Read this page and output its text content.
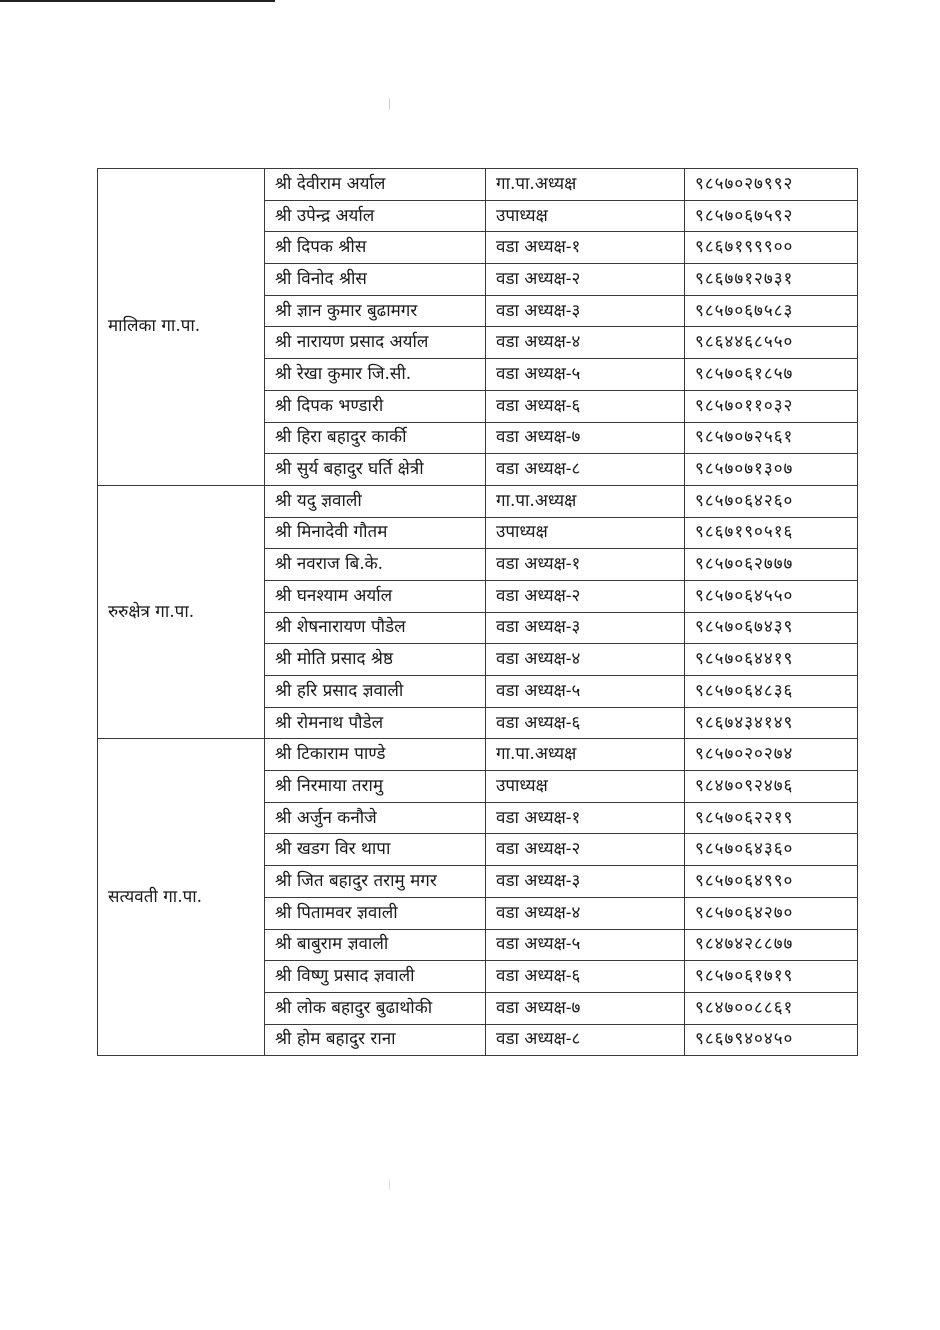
मालिका गा.पा.	श्री देवीराम अर्याल	गा.पा.अध्यक्ष	९८५७०२७९९२
	श्री उपेन्द्र अर्याल	उपाध्यक्ष	९८५७०६७५९२
	श्री दिपक श्रीस	वडा अध्यक्ष-१	९८६७१९९९००
	श्री विनोद श्रीस	वडा अध्यक्ष-२	९८६७७१२७३१
	श्री ज्ञान कुमार बुढामगर	वडा अध्यक्ष-३	९८५७०६७५८३
	श्री नारायण प्रसाद अर्याल	वडा अध्यक्ष-४	९८६४४६८५५०
	श्री रेखा कुमार जि.सी.	वडा अध्यक्ष-५	९८५७०६१८५७
	श्री दिपक भण्डारी	वडा अध्यक्ष-६	९८५७०११०३२
	श्री हिरा बहादुर कार्की	वडा अध्यक्ष-७	९८५७०७२५६१
	श्री सुर्य बहादुर घर्ति क्षेत्री	वडा अध्यक्ष-८	९८५७०७१३०७
रुरुक्षेत्र गा.पा.	श्री यदु ज्ञवाली	गा.पा.अध्यक्ष	९८५७०६४२६०
	श्री मिनादेवी गौतम	उपाध्यक्ष	९८६७१९०५१६
	श्री नवराज बि.के.	वडा अध्यक्ष-१	९८५७०६२७७७
	श्री घनश्याम अर्याल	वडा अध्यक्ष-२	९८५७०६४५५०
	श्री शेषनारायण पौडेल	वडा अध्यक्ष-३	९८५७०६७४३९
	श्री मोति प्रसाद श्रेष्ठ	वडा अध्यक्ष-४	९८५७०६४४१९
	श्री हरि प्रसाद ज्ञवाली	वडा अध्यक्ष-५	९८५७०६४८३६
	श्री रोमनाथ पौडेल	वडा अध्यक्ष-६	९८६७४३४१४९
सत्यवती गा.पा.	श्री टिकाराम पाण्डे	गा.पा.अध्यक्ष	९८५७०२०२७४
	श्री निरमाया तरामु	उपाध्यक्ष	९८४७०९२४७६
	श्री अर्जुन कनौजे	वडा अध्यक्ष-१	९८५७०६२२१९
	श्री खडग विर थापा	वडा अध्यक्ष-२	९८५७०६४३६०
	श्री जित बहादुर तरामु मगर	वडा अध्यक्ष-३	९८५७०६४९९०
	श्री पितामवर ज्ञवाली	वडा अध्यक्ष-४	९८५७०६४२७०
	श्री बाबुराम ज्ञवाली	वडा अध्यक्ष-५	९८४७४२८८७७
	श्री विष्णु प्रसाद ज्ञवाली	वडा अध्यक्ष-६	९८५७०६१७१९
	श्री लोक बहादुर बुढाथोकी	वडा अध्यक्ष-७	९८४७००८८६१
	श्री होम बहादुर राना	वडा अध्यक्ष-८	९८६७९४०४५०
